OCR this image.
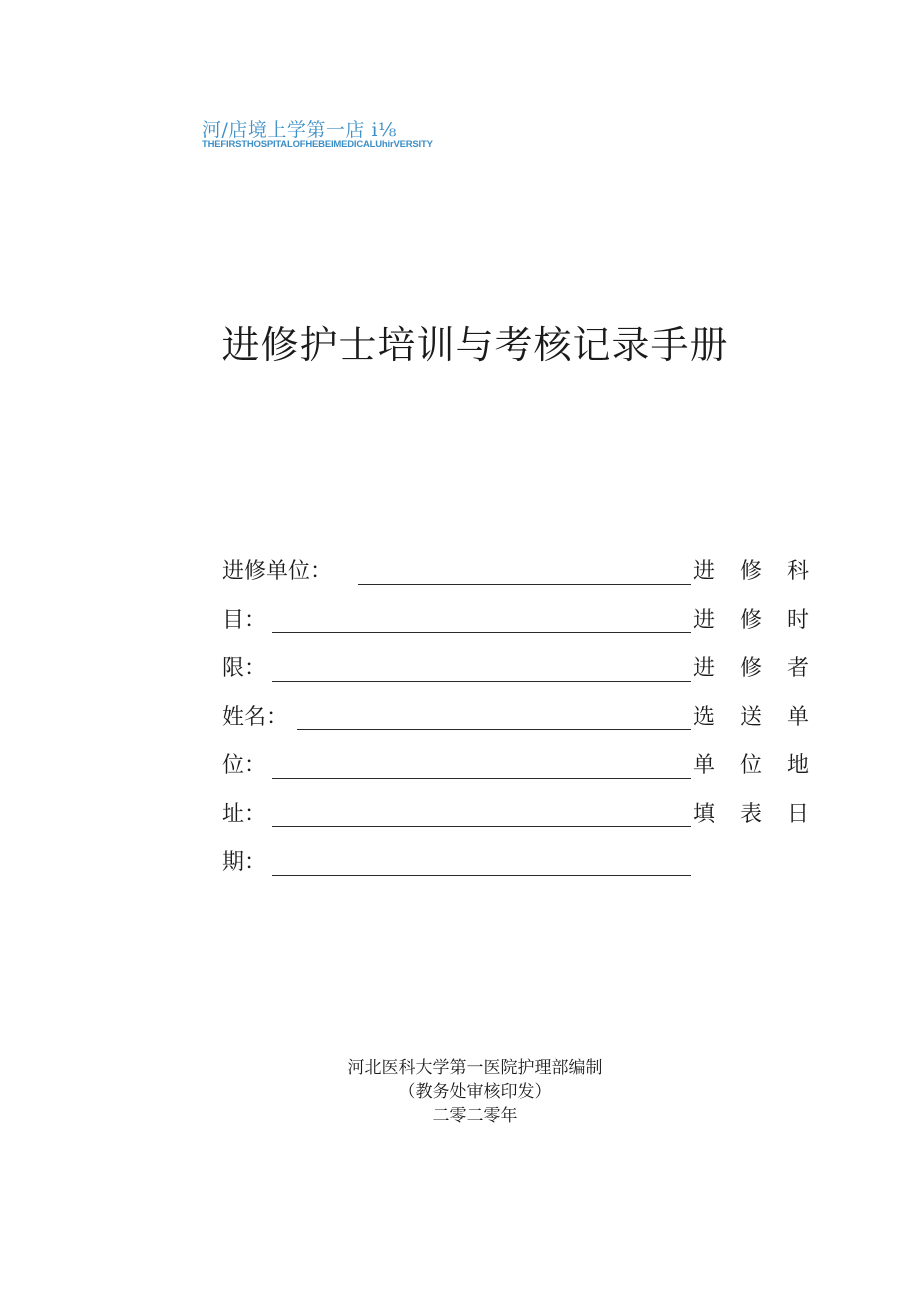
河/店境上学第一店 i⅛
THEFIRSTHOSPITALOFHEBEIMEDICALUhirVERSITY
进修护士培训与考核记录手册
进修单位：	进 修 科
目：	进 修 时
限：	进 修 者
姓名：	选 送 单
位：	单 位 地
址：	填 表 日
期：
河北医科大学第一医院护理部编制
（教务处审核印发）
二零二零年
